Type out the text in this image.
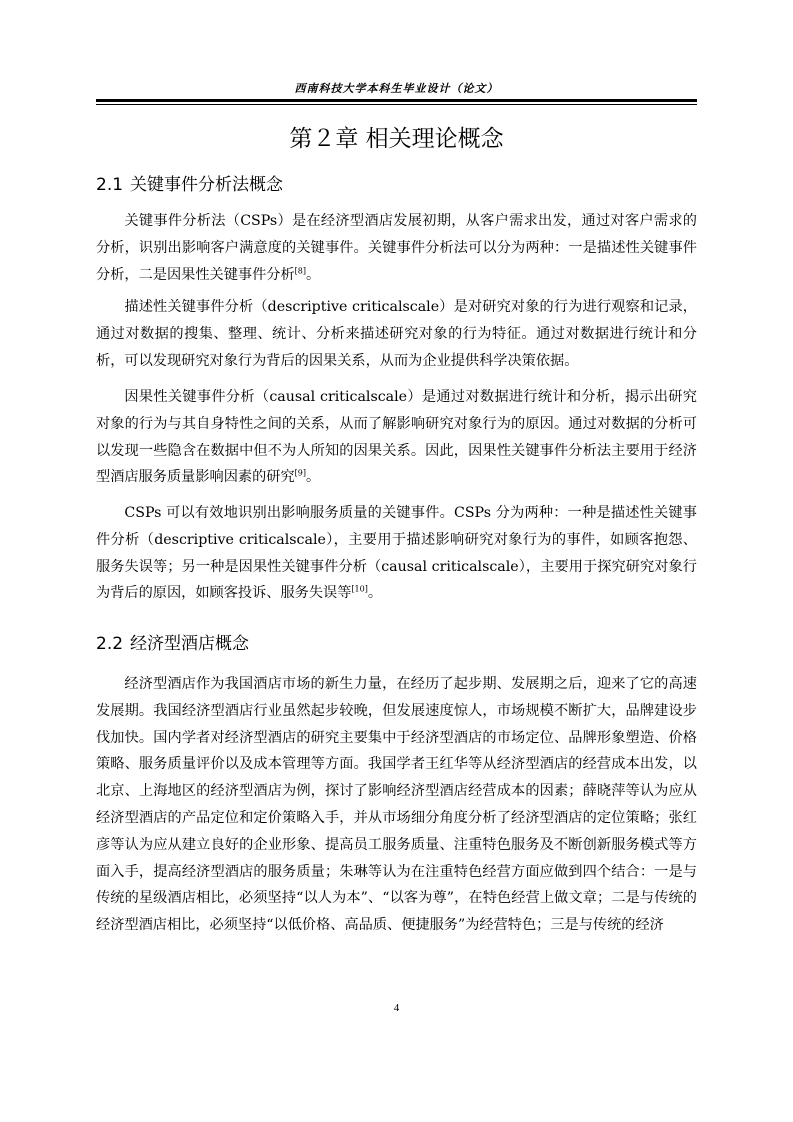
西南科技大学本科生毕业设计（论文）
第２章 相关理论概念
2.1 关键事件分析法概念

关键事件分析法（CSPs）是在经济型酒店发展初期，从客户需求出发，通过对客户需求的分析，识别出影响客户满意度的关键事件。关键事件分析法可以分为两种：一是描述性关键事件分析，二是因果性关键事件分析[8]。

描述性关键事件分析（descriptive criticalscale）是对研究对象的行为进行观察和记录，通过对数据的搜集、整理、统计、分析来描述研究对象的行为特征。通过对数据进行统计和分析，可以发现研究对象行为背后的因果关系，从而为企业提供科学决策依据。

因果性关键事件分析（causal criticalscale）是通过对数据进行统计和分析，揭示出研究对象的行为与其自身特性之间的关系，从而了解影响研究对象行为的原因。通过对数据的分析可以发现一些隐含在数据中但不为人所知的因果关系。因此，因果性关键事件分析法主要用于经济型酒店服务质量影响因素的研究[9]。

CSPs 可以有效地识别出影响服务质量的关键事件。CSPs 分为两种：一种是描述性关键事件分析（descriptive criticalscale），主要用于描述影响研究对象行为的事件，如顾客抱怨、服务失误等；另一种是因果性关键事件分析（causal criticalscale），主要用于探究研究对象行为背后的原因，如顾客投诉、服务失误等[10]。

2.2 经济型酒店概念

经济型酒店作为我国酒店市场的新生力量，在经历了起步期、发展期之后，迎来了它的高速发展期。我国经济型酒店行业虽然起步较晚，但发展速度惊人，市场规模不断扩大，品牌建设步伐加快。国内学者对经济型酒店的研究主要集中于经济型酒店的市场定位、品牌形象塑造、价格策略、服务质量评价以及成本管理等方面。我国学者王红华等从经济型酒店的经营成本出发，以北京、上海地区的经济型酒店为例，探讨了影响经济型酒店经营成本的因素；薛晓萍等认为应从经济型酒店的产品定位和定价策略入手，并从市场细分角度分析了经济型酒店的定位策略；张红彦等认为应从建立良好的企业形象、提高员工服务质量、注重特色服务及不断创新服务模式等方面入手，提高经济型酒店的服务质量；朱琳等认为在注重特色经营方面应做到四个结合：一是与传统的星级酒店相比，必须坚持“以人为本”、“以客为尊”，在特色经营上做文章；二是与传统的经济型酒店相比，必须坚持“以低价格、高品质、便捷服务”为经营特色；三是与传统的经济

4
